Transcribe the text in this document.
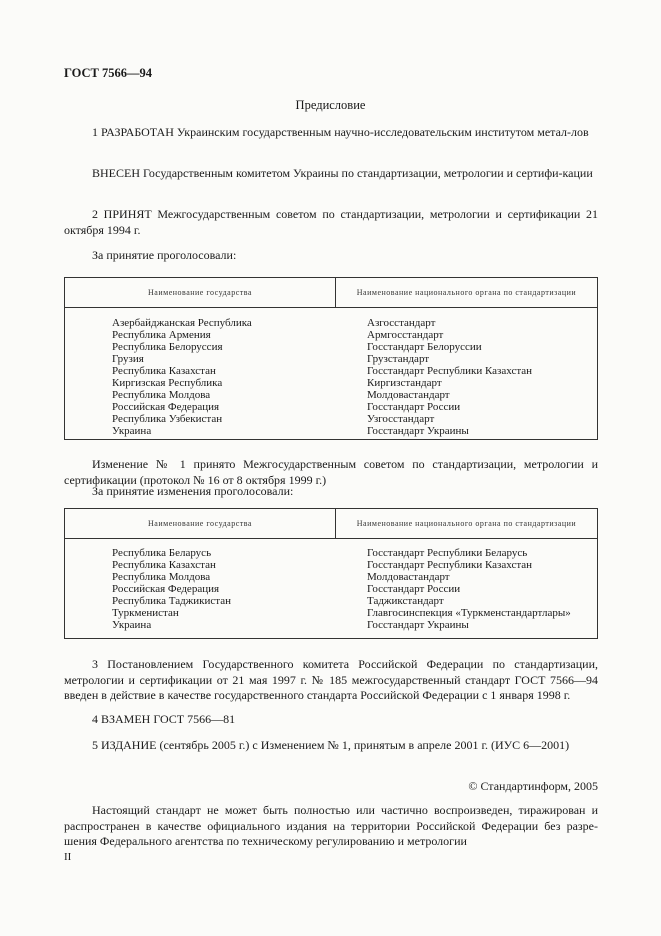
ГОСТ 7566—94
Предисловие
1 РАЗРАБОТАН Украинским государственным научно-исследовательским институтом метал-лов
ВНЕСЕН Государственным комитетом Украины по стандартизации, метрологии и сертифи-кации
2 ПРИНЯТ Межгосударственным советом по стандартизации, метрологии и сертификации 21 октября 1994 г.
За принятие проголосовали:
Наименование государства	Наименование национального органа по стандартизации
Азербайджанская Республика
Республика Армения
Республика Белоруссия
Грузия
Республика Казахстан
Киргизская Республика
Республика Молдова
Российская Федерация
Республика Узбекистан
Украина
Азгосстандарт
Армгосстандарт
Госстандарт Белоруссии
Грузстандарт
Госстандарт Республики Казахстан
Киргизстандарт
Молдовастандарт
Госстандарт России
Узгосстандарт
Госстандарт Украины
Изменение № 1 принято Межгосударственным советом по стандартизации, метрологии и сертификации (протокол № 16 от 8 октября 1999 г.)
За принятие изменения проголосовали:
Наименование государства	Наименование национального органа по стандартизации
Республика Беларусь
Республика Казахстан
Республика Молдова
Российская Федерация
Республика Таджикистан
Туркменистан
Украина
Госстандарт Республики Беларусь
Госстандарт Республики Казахстан
Молдовастандарт
Госстандарт России
Таджикстандарт
Главгосинспекция «Туркменстандартлары»
Госстандарт Украины
3 Постановлением Государственного комитета Российской Федерации по стандартизации, метрологии и сертификации от 21 мая 1997 г. № 185 межгосударственный стандарт ГОСТ 7566—94 введен в действие в качестве государственного стандарта Российской Федерации с 1 января 1998 г.
4 ВЗАМЕН ГОСТ 7566—81
5 ИЗДАНИЕ (сентябрь 2005 г.) с Изменением № 1, принятым в апреле 2001 г. (ИУС 6—2001)
© Стандартинформ, 2005
Настоящий стандарт не может быть полностью или частично воспроизведен, тиражирован и распространен в качестве официального издания на территории Российской Федерации без разре-шения Федерального агентства по техническому регулированию и метрологии
II
